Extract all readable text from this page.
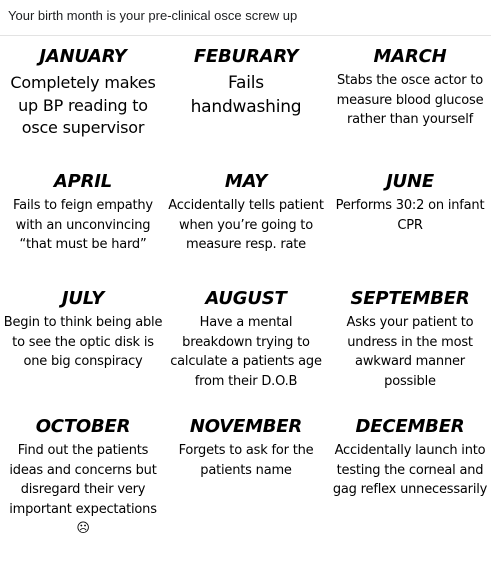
Your birth month is your pre-clinical osce screw up
JANUARY
Completely makes up BP reading to osce supervisor
FEBURARY
Fails handwashing
MARCH
Stabs the osce actor to measure blood glucose rather than yourself
APRIL
Fails to feign empathy with an unconvincing “that must be hard”
MAY
Accidentally tells patient when you’re going to measure resp. rate
JUNE
Performs 30:2 on infant CPR
JULY
Begin to think being able to see the optic disk is one big conspiracy
AUGUST
Have a mental breakdown trying to calculate a patients age from their D.O.B
SEPTEMBER
Asks your patient to undress in the most awkward manner possible
OCTOBER
Find out the patients ideas and concerns but disregard their very important expectations ☹
NOVEMBER
Forgets to ask for the patients name
DECEMBER
Accidentally launch into testing the corneal and gag reflex unnecessarily
